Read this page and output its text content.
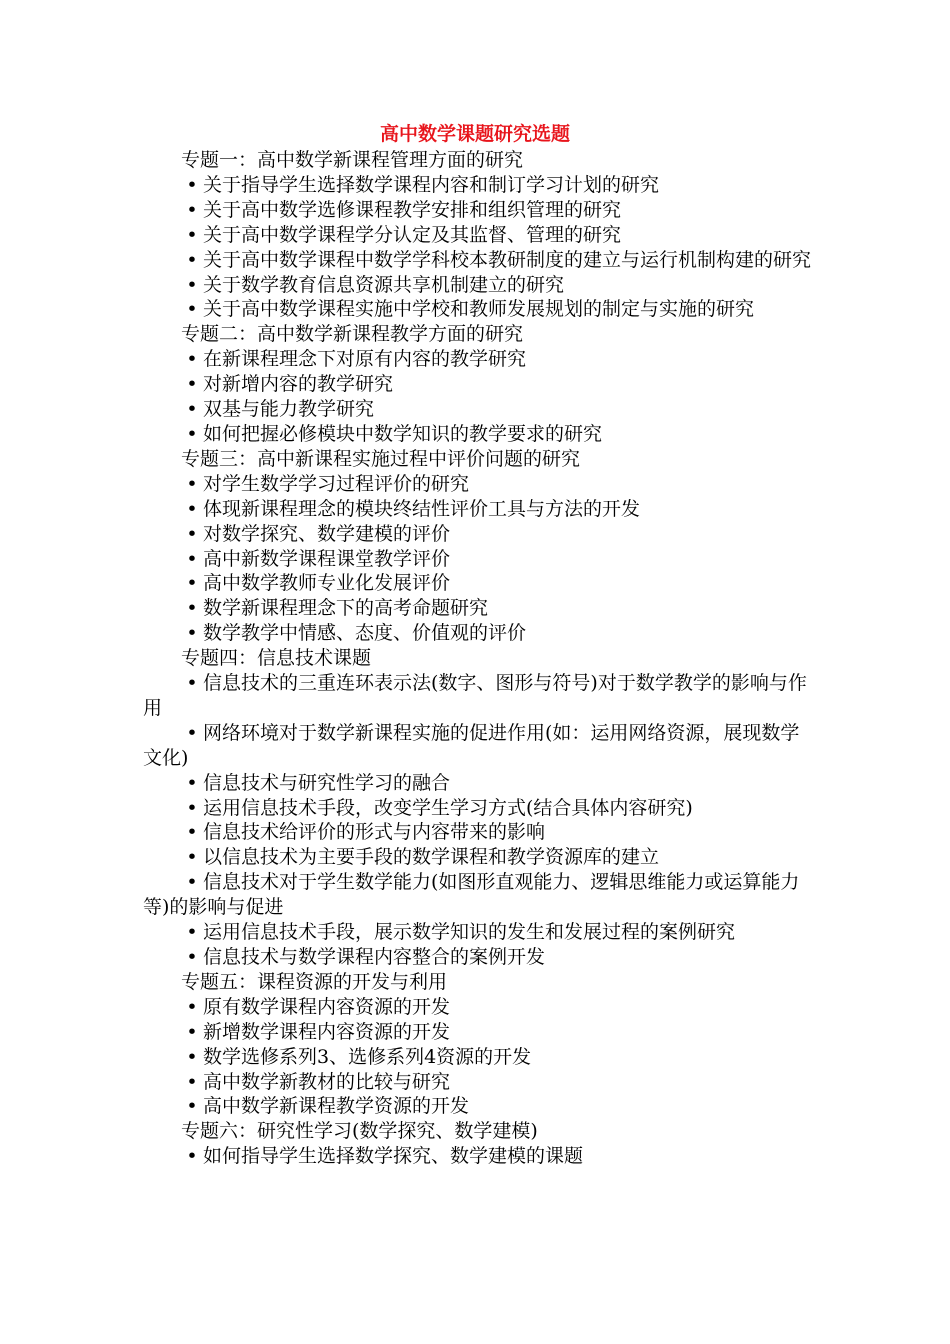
高中数学课题研究选题
专题一：高中数学新课程管理方面的研究
• 关于指导学生选择数学课程内容和制订学习计划的研究
• 关于高中数学选修课程教学安排和组织管理的研究
• 关于高中数学课程学分认定及其监督、管理的研究
• 关于高中数学课程中数学学科校本教研制度的建立与运行机制构建的研究
• 关于数学教育信息资源共享机制建立的研究
• 关于高中数学课程实施中学校和教师发展规划的制定与实施的研究
专题二：高中数学新课程教学方面的研究
• 在新课程理念下对原有内容的教学研究
• 对新增内容的教学研究
• 双基与能力教学研究
• 如何把握必修模块中数学知识的教学要求的研究
专题三：高中新课程实施过程中评价问题的研究
• 对学生数学学习过程评价的研究
• 体现新课程理念的模块终结性评价工具与方法的开发
• 对数学探究、数学建模的评价
• 高中新数学课程课堂教学评价
• 高中数学教师专业化发展评价
• 数学新课程理念下的高考命题研究
• 数学教学中情感、态度、价值观的评价
专题四：信息技术课题
• 信息技术的三重连环表示法(数字、图形与符号)对于数学教学的影响与作用
• 网络环境对于数学新课程实施的促进作用(如：运用网络资源，展现数学文化)
• 信息技术与研究性学习的融合
• 运用信息技术手段，改变学生学习方式(结合具体内容研究)
• 信息技术给评价的形式与内容带来的影响
• 以信息技术为主要手段的数学课程和教学资源库的建立
• 信息技术对于学生数学能力(如图形直观能力、逻辑思维能力或运算能力等)的影响与促进
• 运用信息技术手段，展示数学知识的发生和发展过程的案例研究
• 信息技术与数学课程内容整合的案例开发
专题五：课程资源的开发与利用
• 原有数学课程内容资源的开发
• 新增数学课程内容资源的开发
• 数学选修系列3、选修系列4资源的开发
• 高中数学新教材的比较与研究
• 高中数学新课程教学资源的开发
专题六：研究性学习(数学探究、数学建模)
• 如何指导学生选择数学探究、数学建模的课题
